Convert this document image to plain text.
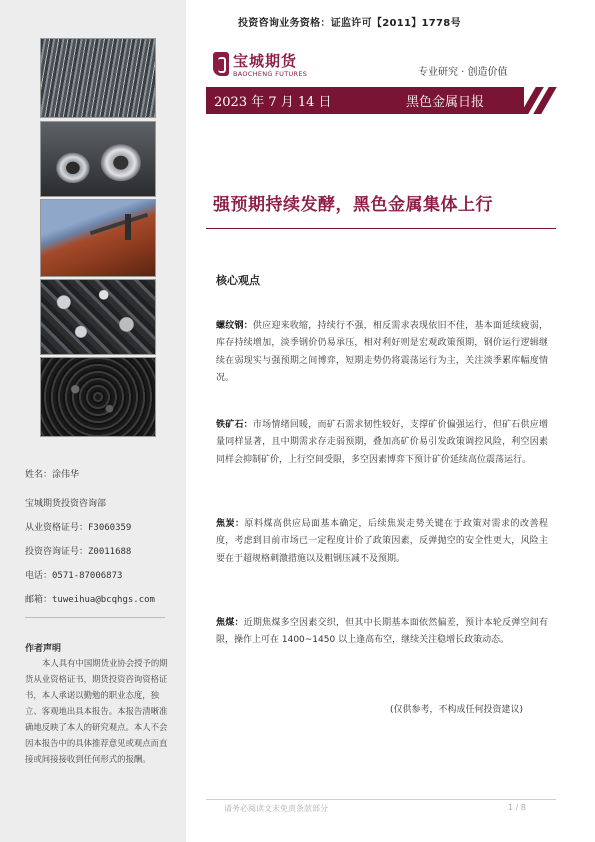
姓名：涂伟华
宝城期货投资咨询部
从业资格证号：F3060359
投资咨询证号：Z0011688
电话：0571-87006873
邮箱：tuweihua@bcqhgs.com
作者声明

本人具有中国期货业协会授予的期货从业资格证书，期货投资咨询资格证书，本人承诺以勤勉的职业态度，独立、客观地出具本报告。本报告清晰准确地反映了本人的研究观点。本人不会因本报告中的具体推荐意见或观点而直接或间接接收到任何形式的报酬。

投资咨询业务资格：证监许可【2011】1778号
宝城期货
BAOCHENG FUTURES	专业研究 · 创造价值
2023 年 7 月 14 日	黑色金属日报
强预期持续发酵，黑色金属集体上行
核心观点
螺纹钢：供应迎来收缩，持续行不强，相反需求表现依旧不佳，基本面延续疲弱，库存持续增加，淡季钢价仍易承压，相对利好则是宏观政策预期，钢价运行逻辑继续在弱现实与强预期之间博弈，短期走势仍将震荡运行为主，关注淡季累库幅度情况。
铁矿石：市场情绪回暖，而矿石需求韧性较好，支撑矿价偏强运行，但矿石供应增量同样显著，且中期需求存走弱预期，叠加高矿价易引发政策调控风险，利空因素同样会抑制矿价，上行空间受限，多空因素博弈下预计矿价延续高位震荡运行。
焦炭：原料煤高供应局面基本确定，后续焦炭走势关键在于政策对需求的改善程度，考虑到目前市场已一定程度计价了政策因素，反弹抛空的安全性更大，风险主要在于超规格刺激措施以及粗钢压减不及预期。
焦煤：近期焦煤多空因素交织，但其中长期基本面依然偏差，预计本轮反弹空间有限，操作上可在 1400~1450 以上逢高布空，继续关注稳增长政策动态。
(仅供参考，不构成任何投资建议)
请务必阅读文末免责条款部分	1 / 8
